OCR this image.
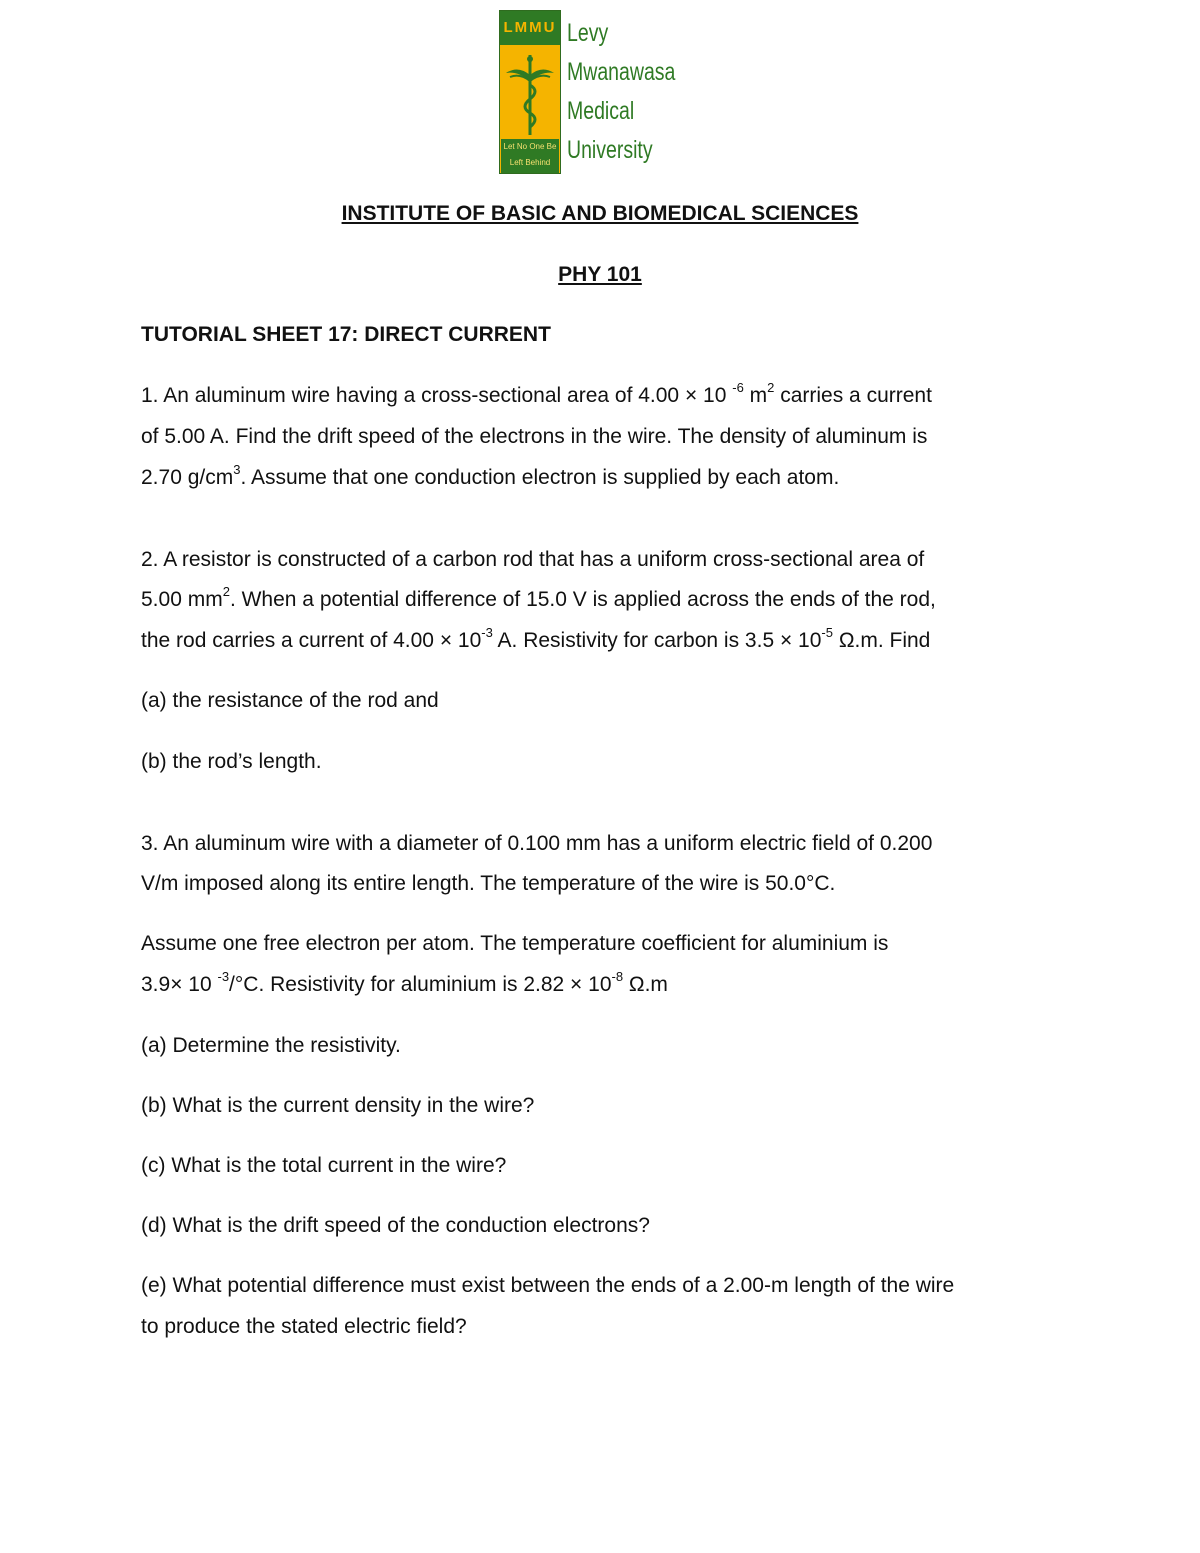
LMMU
Let No One Be
Left Behind
Levy
Mwanawasa
Medical
University
INSTITUTE OF BASIC AND BIOMEDICAL SCIENCES
PHY 101
TUTORIAL SHEET 17: DIRECT CURRENT
1. An aluminum wire having a cross-sectional area of 4.00 × 10 $^{-6}$ $m^2$ carries a current
of 5.00 A. Find the drift speed of the electrons in the wire. The density of aluminum is
2.70 $g/cm^3$. Assume that one conduction electron is supplied by each atom.
2. A resistor is constructed of a carbon rod that has a uniform cross-sectional area of
5.00 $mm^2$. When a potential difference of 15.0 V is applied across the ends of the rod,
the rod carries a current of $4.00 \times 10^{-3}$ A. Resistivity for carbon is $3.5 \times 10^{-5}$ Ω.m. Find
(a) the resistance of the rod and
(b) the rod’s length.
3. An aluminum wire with a diameter of 0.100 mm has a uniform electric field of 0.200
V/m imposed along its entire length. The temperature of the wire is 50.0°C.
Assume one free electron per atom. The temperature coefficient for aluminium is
3.9× 10 $^{-3}$/°C. Resistivity for aluminium is $2.82 \times 10^{-8}$ Ω.m
(a) Determine the resistivity.
(b) What is the current density in the wire?
(c) What is the total current in the wire?
(d) What is the drift speed of the conduction electrons?
(e) What potential difference must exist between the ends of a 2.00-m length of the wire
to produce the stated electric field?
